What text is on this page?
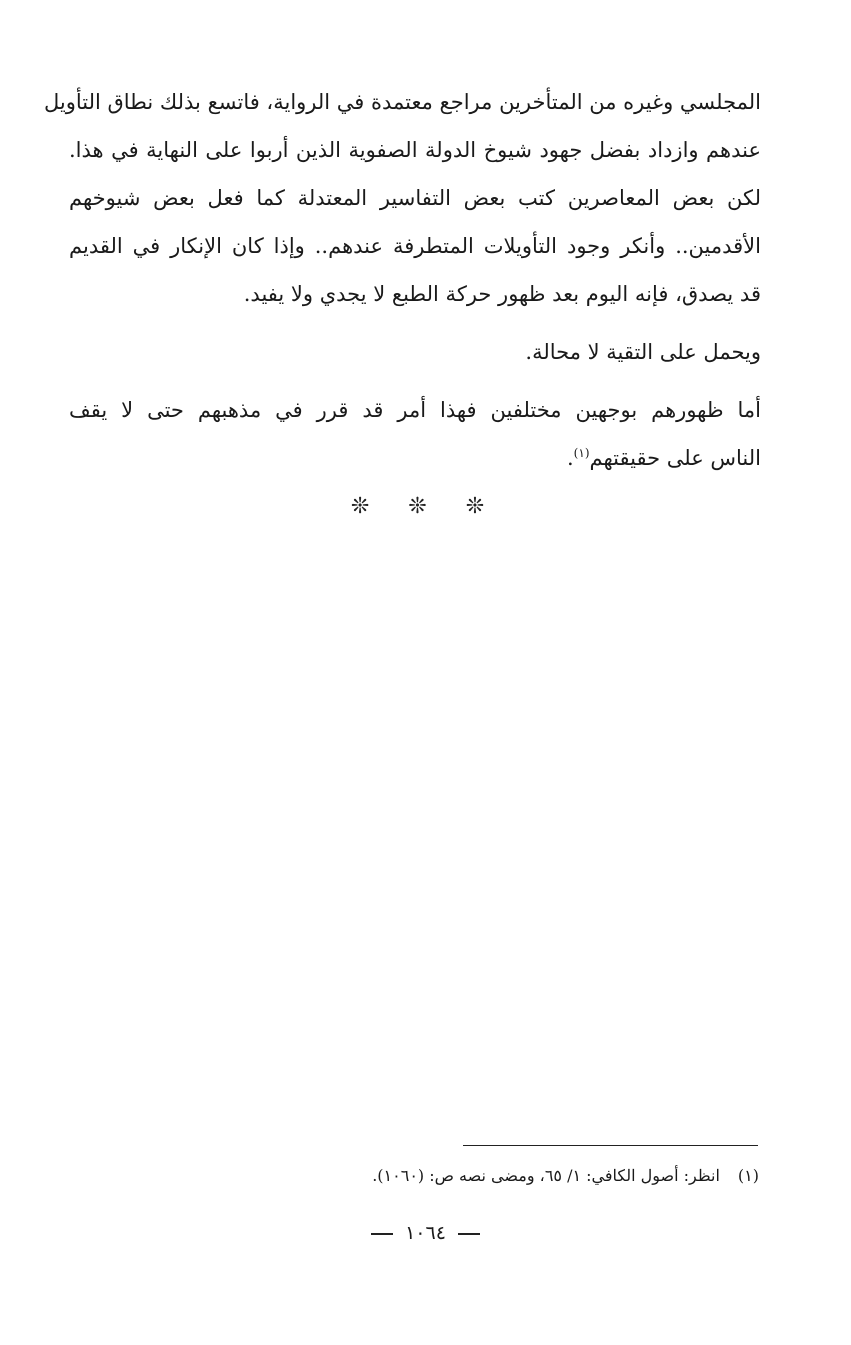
المجلسي وغيره من المتأخرين مراجع معتمدة في الرواية، فاتسع بذلك نطاق التأويل
عندهم وازداد بفضل جهود شيوخ الدولة الصفوية الذين أربوا على النهاية في هذا.
لكن بعض المعاصرين كتب بعض التفاسير المعتدلة كما فعل بعض شيوخهم
الأقدمين.. وأنكر وجود التأويلات المتطرفة عندهم.. وإذا كان الإنكار في القديم
قد يصدق، فإنه اليوم بعد ظهور حركة الطبع لا يجدي ولا يفيد.
ويحمل على التقية لا محالة.
أما ظهورهم بوجهين مختلفين فهذا أمر قد قرر في مذهبهم حتى لا يقف
الناس على حقيقتهم$^{(١)}$.
❊ ❊ ❊
(١)انظر: أصول الكافي: ١/ ٦٥، ومضى نصه ص: (١٠٦٠).
١٠٦٤
